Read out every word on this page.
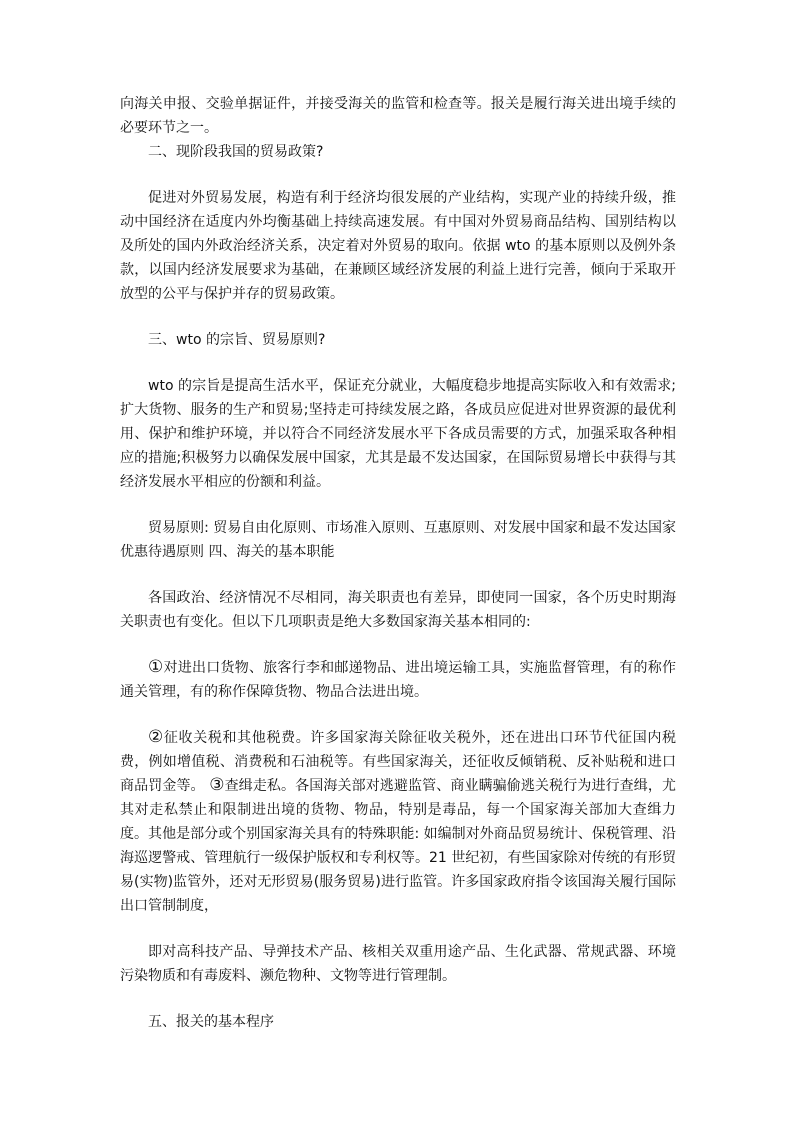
向海关申报、交验单据证件，并接受海关的监管和检查等。报关是履行海关进出境手续的必要环节之一。

二、现阶段我国的贸易政策?

促进对外贸易发展，构造有利于经济均很发展的产业结构，实现产业的持续升级，推动中国经济在适度内外均衡基础上持续高速发展。有中国对外贸易商品结构、国别结构以及所处的国内外政治经济关系，决定着对外贸易的取向。依据 wto 的基本原则以及例外条款，以国内经济发展要求为基础，在兼顾区域经济发展的利益上进行完善，倾向于采取开放型的公平与保护并存的贸易政策。

三、wto 的宗旨、贸易原则?

wto 的宗旨是提高生活水平，保证充分就业，大幅度稳步地提高实际收入和有效需求;扩大货物、服务的生产和贸易;坚持走可持续发展之路，各成员应促进对世界资源的最优利用、保护和维护环境，并以符合不同经济发展水平下各成员需要的方式，加强采取各种相应的措施;积极努力以确保发展中国家，尤其是最不发达国家，在国际贸易增长中获得与其经济发展水平相应的份额和利益。

贸易原则: 贸易自由化原则、市场准入原则、互惠原则、对发展中国家和最不发达国家优惠待遇原则 四、海关的基本职能

各国政治、经济情况不尽相同，海关职责也有差异，即使同一国家，各个历史时期海关职责也有变化。但以下几项职责是绝大多数国家海关基本相同的:

①对进出口货物、旅客行李和邮递物品、进出境运输工具，实施监督管理，有的称作通关管理，有的称作保障货物、物品合法进出境。

②征收关税和其他税费。许多国家海关除征收关税外，还在进出口环节代征国内税费，例如增值税、消费税和石油税等。有些国家海关，还征收反倾销税、反补贴税和进口商品罚金等。 ③查缉走私。各国海关部对逃避监管、商业瞒骗偷逃关税行为进行查缉，尤其对走私禁止和限制进出境的货物、物品，特别是毒品，每一个国家海关部加大查缉力度。其他是部分或个别国家海关具有的特殊职能: 如编制对外商品贸易统计、保税管理、沿海巡逻警戒、管理航行一级保护版权和专利权等。21 世纪初，有些国家除对传统的有形贸易(实物)监管外，还对无形贸易(服务贸易)进行监管。许多国家政府指令该国海关履行国际出口管制制度，

即对高科技产品、导弹技术产品、核相关双重用途产品、生化武器、常规武器、环境污染物质和有毒废料、濒危物种、文物等进行管理制。

五、报关的基本程序
